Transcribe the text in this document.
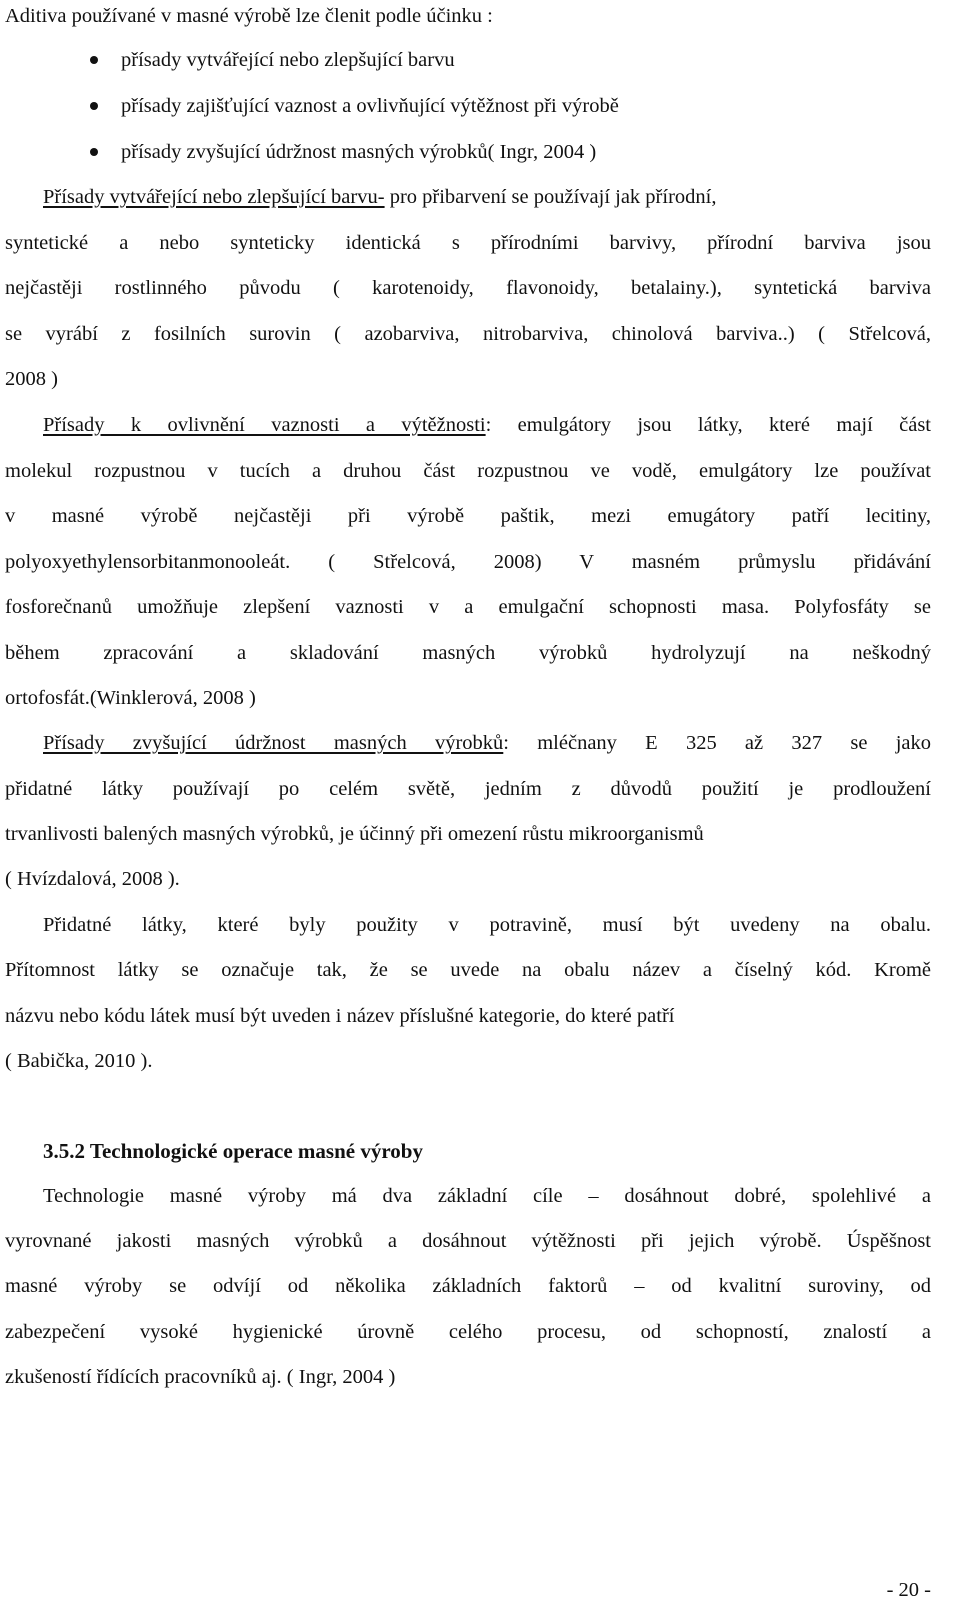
Aditiva používané v masné výrobě lze členit podle účinku :
přísady vytvářející nebo zlepšující barvu
přísady zajišťující vaznost a ovlivňující výtěžnost při výrobě
přísady zvyšující údržnost masných výrobků( Ingr, 2004 )
Přísady vytvářející nebo zlepšující barvu- pro přibarvení se používají jak přírodní,
syntetické a nebo synteticky identická s přírodními barvivy, přírodní barviva jsou
nejčastěji rostlinného původu ( karotenoidy, flavonoidy, betalainy.), syntetická barviva
se vyrábí z fosilních surovin ( azobarviva, nitrobarviva, chinolová barviva..) ( Střelcová,
2008 )
Přísady k ovlivnění vaznosti a výtěžnosti: emulgátory jsou látky, které mají část
molekul rozpustnou v tucích a druhou část rozpustnou ve vodě, emulgátory lze používat
v masné výrobě nejčastěji při výrobě paštik, mezi emugátory patří lecitiny,
polyoxyethylensorbitanmonooleát. ( Střelcová, 2008) V masném průmyslu přidávání
fosforečnanů umožňuje zlepšení vaznosti v a emulgační schopnosti masa. Polyfosfáty se
během zpracování a skladování masných výrobků hydrolyzují na neškodný
ortofosfát.(Winklerová, 2008 )
Přísady zvyšující údržnost masných výrobků: mléčnany E 325 až 327 se jako
přidatné látky používají po celém světě, jedním z důvodů použití je prodloužení
trvanlivosti balených masných výrobků, je účinný při omezení růstu mikroorganismů
( Hvízdalová, 2008 ).
Přidatné látky, které byly použity v potravině, musí být uvedeny na obalu.
Přítomnost látky se označuje tak, že se uvede na obalu název a číselný kód. Kromě
názvu nebo kódu látek musí být uveden i název příslušné kategorie, do které patří
( Babička, 2010 ).
3.5.2 Technologické operace masné výroby
Technologie masné výroby má dva základní cíle – dosáhnout dobré, spolehlivé a
vyrovnané jakosti masných výrobků a dosáhnout výtěžnosti při jejich výrobě. Úspěšnost
masné výroby se odvíjí od několika základních faktorů – od kvalitní suroviny, od
zabezpečení vysoké hygienické úrovně celého procesu, od schopností, znalostí a
zkušeností řídících pracovníků aj. ( Ingr, 2004 )
- 20 -
